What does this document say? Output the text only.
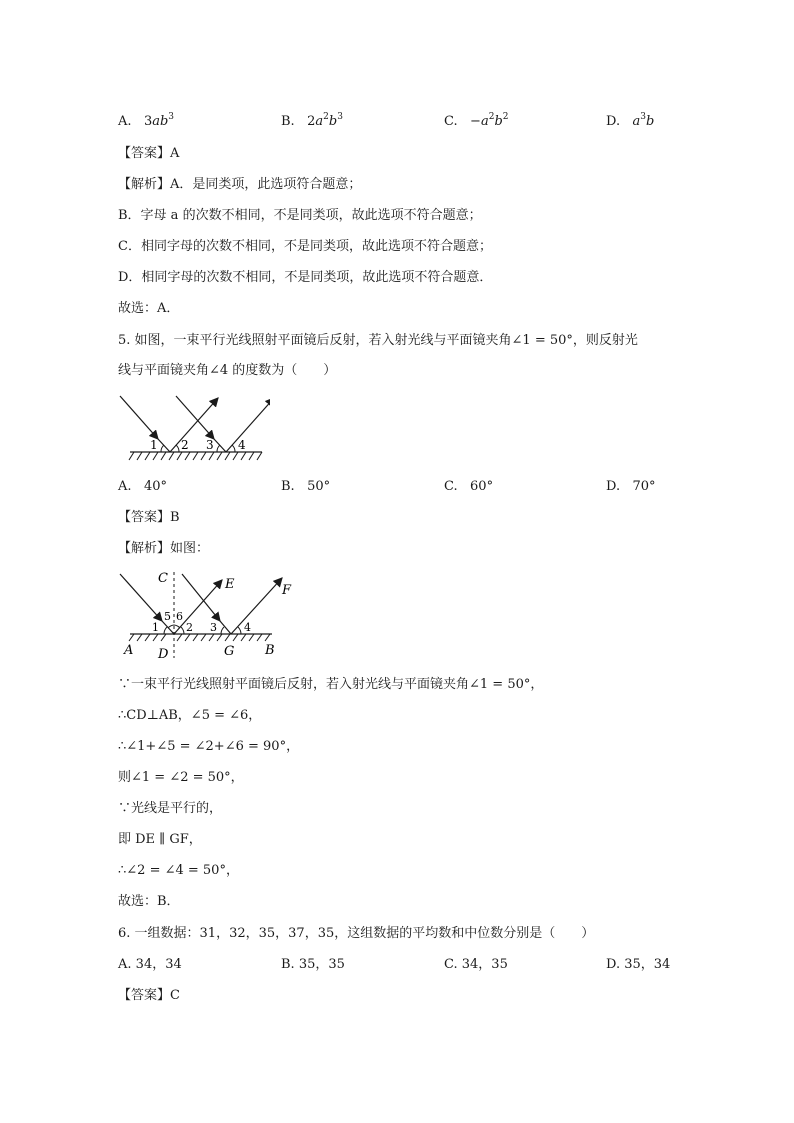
A. $3ab^3$	B. $2a^2b^3$	C. $-a^2b^2$	D. $a^3b$
【答案】A
【解析】A．是同类项，此选项符合题意；
B．字母 a 的次数不相同，不是同类项，故此选项不符合题意；
C．相同字母的次数不相同，不是同类项，故此选项不符合题意；
D．相同字母的次数不相同，不是同类项，故此选项不符合题意．
故选：A．
5. 如图，一束平行光线照射平面镜后反射，若入射光线与平面镜夹角∠1 = 50°，则反射光
线与平面镜夹角∠4 的度数为（　　）
1 2 3 4
A. 40°	B. 50°	C. 60°	D. 70°
【答案】B
【解析】如图：
C	E	F
A D	G B
1
5 6
2 3 4
∵一束平行光线照射平面镜后反射，若入射光线与平面镜夹角∠1 = 50°，
∴CD⊥AB，∠5 = ∠6，
∴∠1+∠5 = ∠2+∠6 = 90°，
则∠1 = ∠2 = 50°，
∵光线是平行的，
即 DE ∥ GF，
∴∠2 = ∠4 = 50°，
故选：B．
6. 一组数据：31，32，35，37，35，这组数据的平均数和中位数分别是（　　）
A. 34，34	B. 35，35	C. 34，35	D. 35，34
【答案】C
